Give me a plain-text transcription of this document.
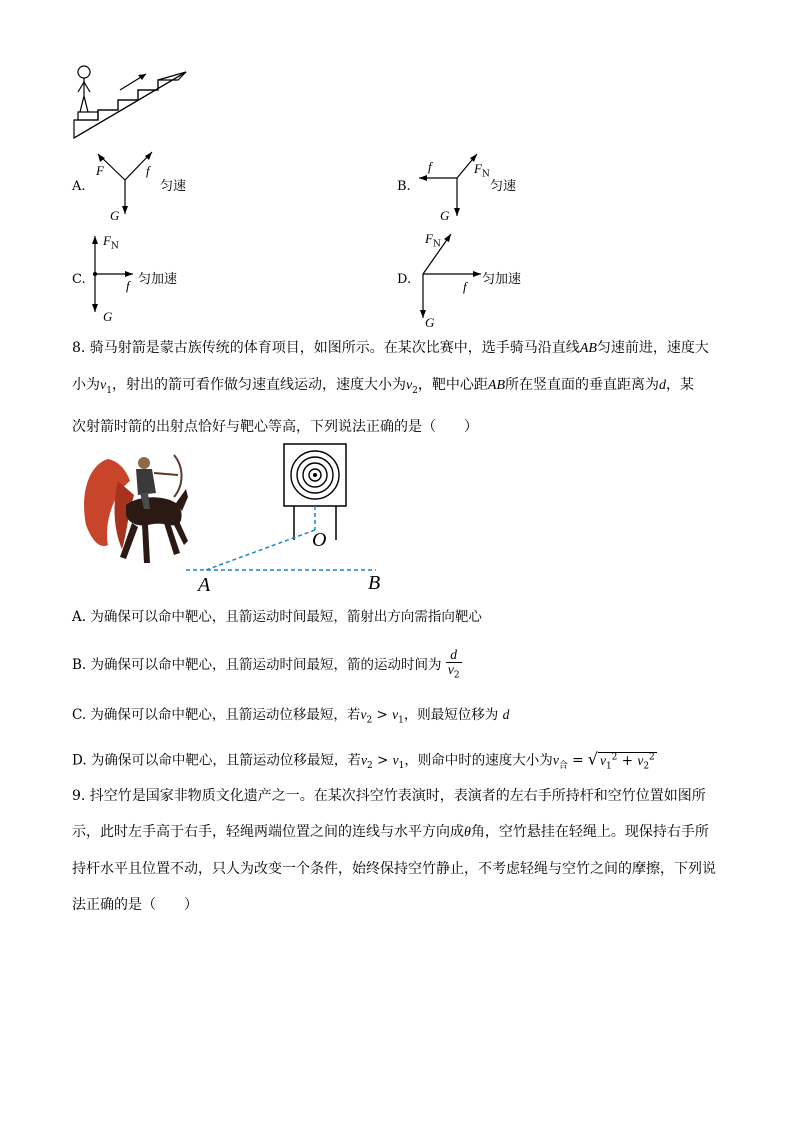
A.
F	f
G
匀速	B.
f	$F_N$
G
匀速
C.
$F_N$
f
G
匀加速	D.
$F_N$
f
G
匀加速
8. 骑马射箭是蒙古族传统的体育项目，如图所示。在某次比赛中，选手骑马沿直线AB匀速前进，速度大
小为$v_1$，射出的箭可看作做匀速直线运动，速度大小为$v_2$，靶中心距AB所在竖直面的垂直距离为d，某
次射箭时箭的出射点恰好与靶心等高，下列说法正确的是（　　）
O
A	B
A. 为确保可以命中靶心，且箭运动时间最短，箭射出方向需指向靶心
B. 为确保可以命中靶心，且箭运动时间最短，箭的运动时间为 $\frac{d}{v_2}$
C. 为确保可以命中靶心，且箭运动位移最短，若$v_2 > v_1$，则最短位移为 d
D. 为确保可以命中靶心，且箭运动位移最短，若$v_2 > v_1$，则命中时的速度大小为$v_合$ = √ $v_1^2 + v_2^2$
9. 抖空竹是国家非物质文化遗产之一。在某次抖空竹表演时，表演者的左右手所持杆和空竹位置如图所
示，此时左手高于右手，轻绳两端位置之间的连线与水平方向成θ角，空竹悬挂在轻绳上。现保持右手所
持杆水平且位置不动，只人为改变一个条件，始终保持空竹静止，不考虑轻绳与空竹之间的摩擦，下列说
法正确的是（　　）
